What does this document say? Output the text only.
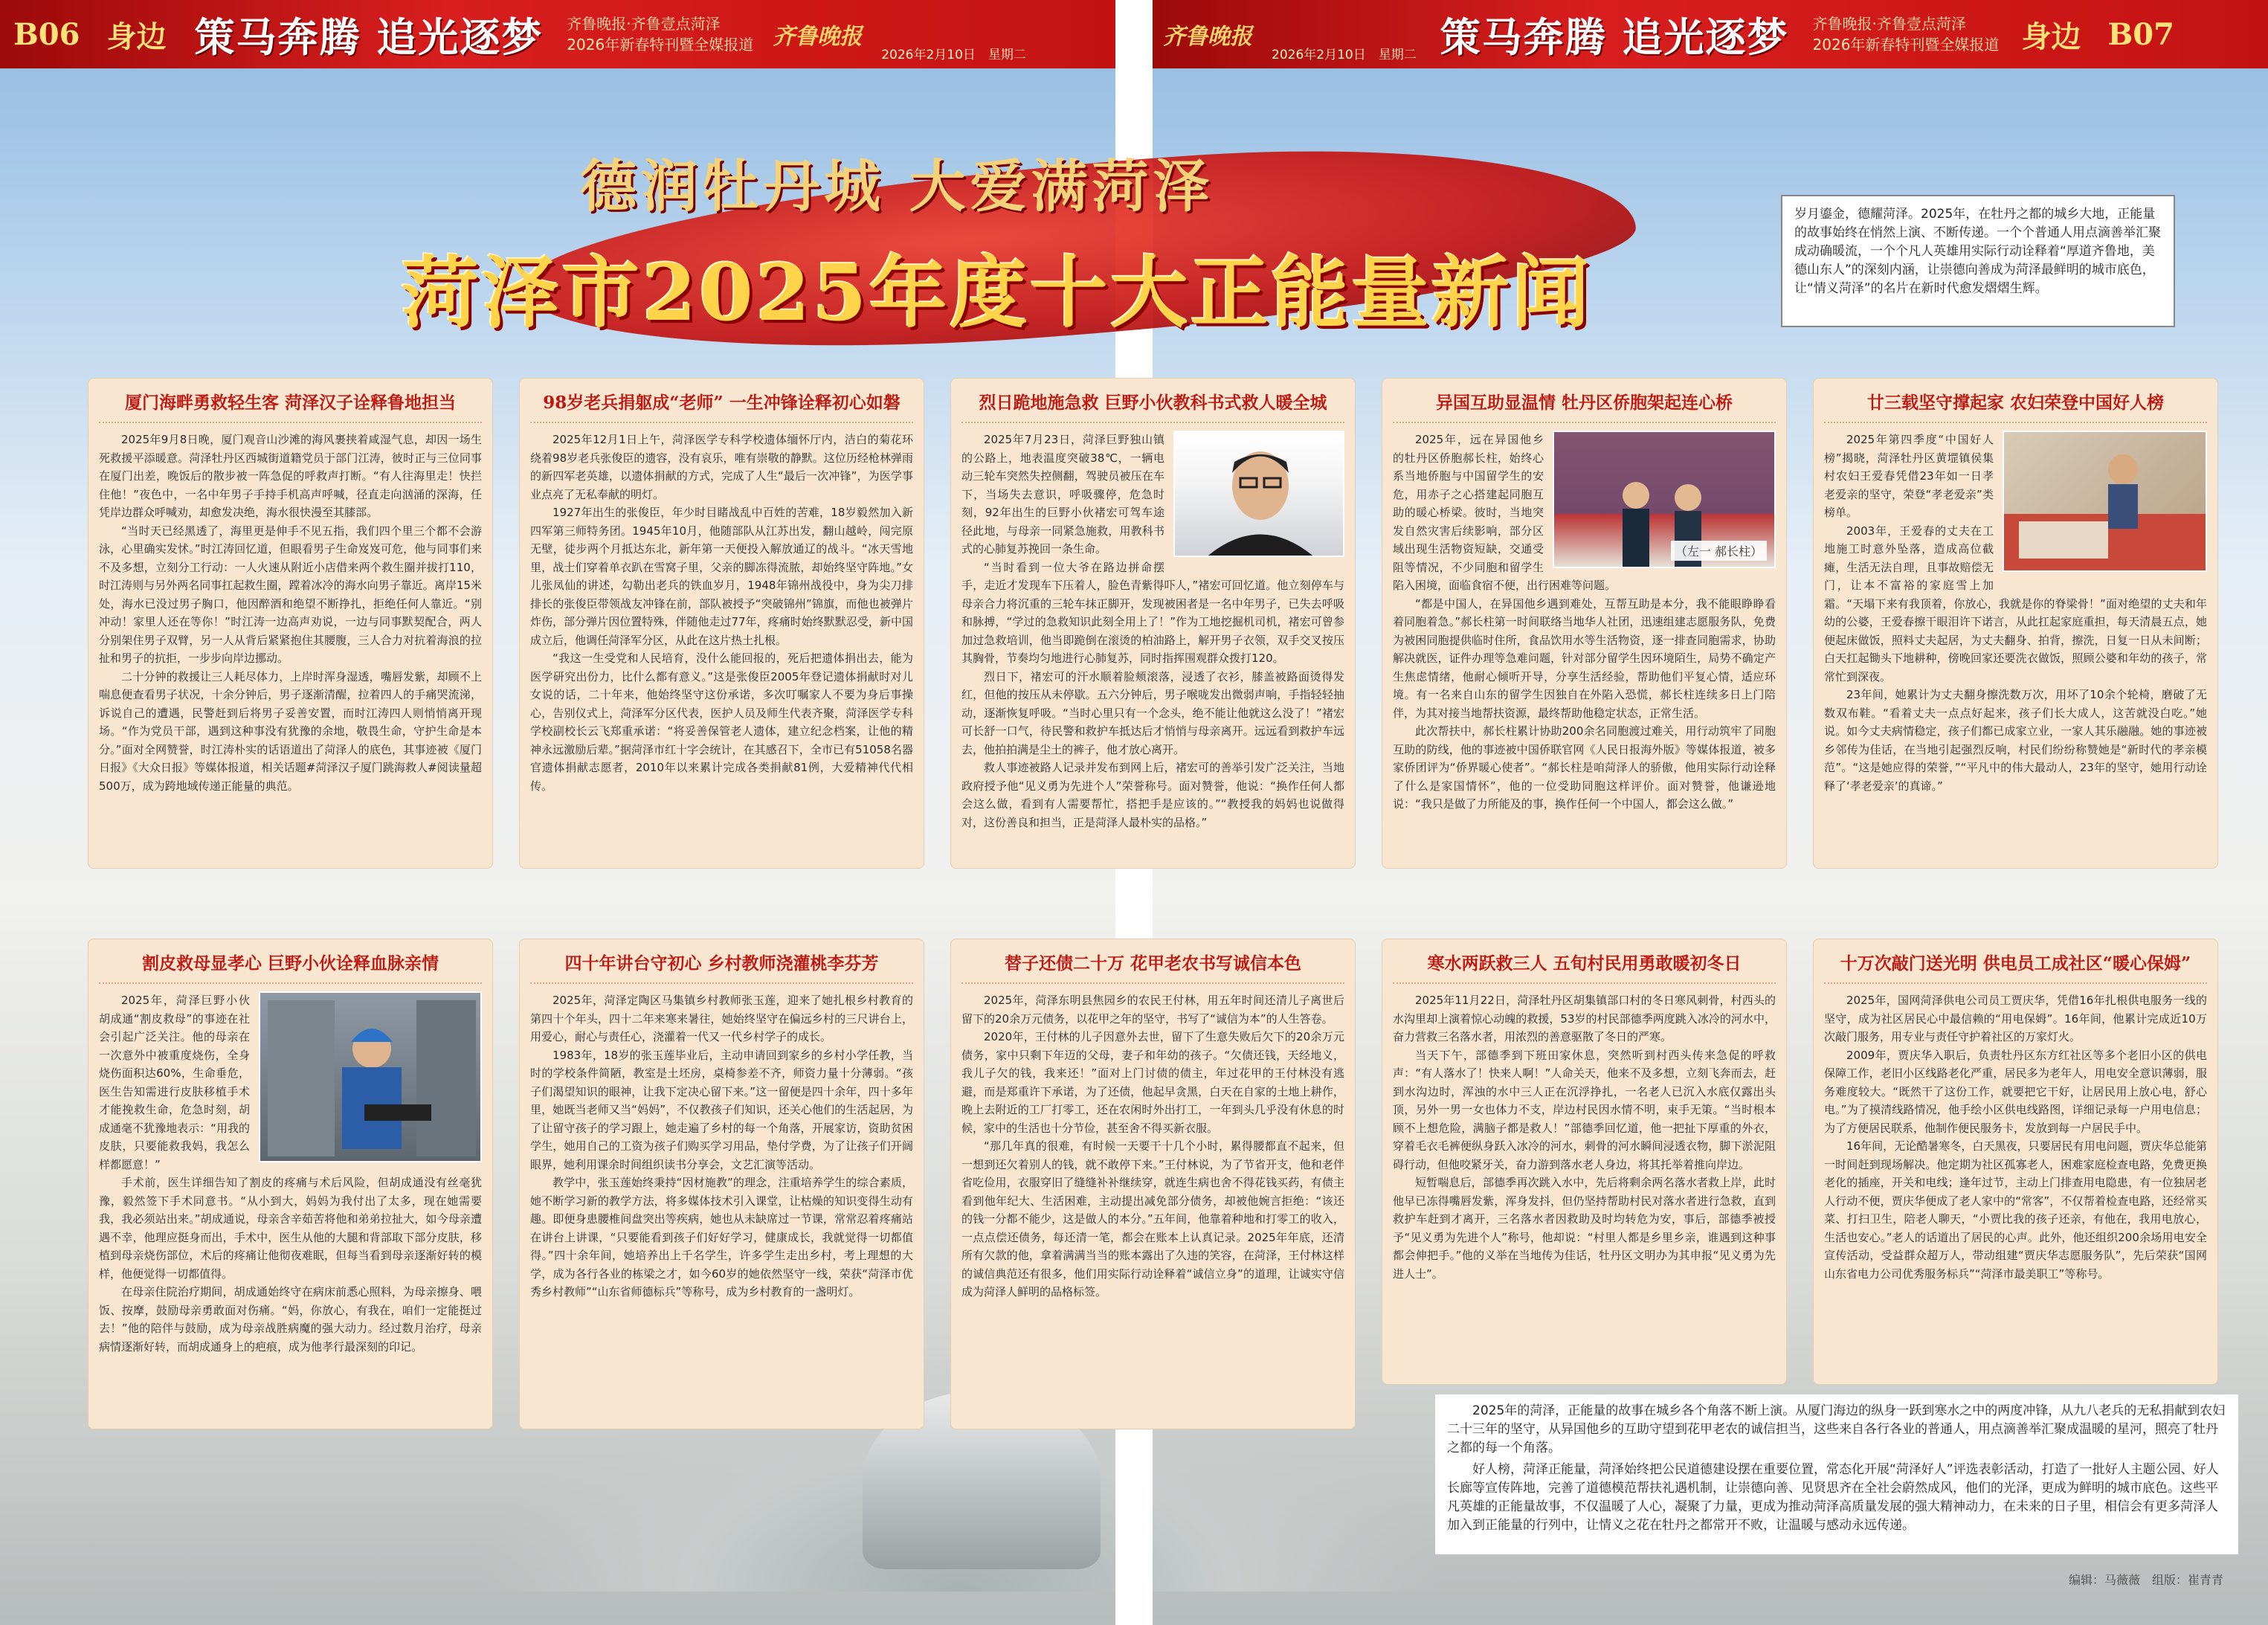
B06 身边 策马奔腾 追光逐梦	齐鲁晚报·齐鲁壹点菏泽
2026年新春特刊暨全媒报道 齐鲁晚报
2026年2月10日　星期二
齐鲁晚报
2026年2月10日　星期二 策马奔腾 追光逐梦	齐鲁晚报·齐鲁壹点菏泽
2026年新春特刊暨全媒报道 身边 B07
德润牡丹城 大爱满菏泽
菏泽市2025年度十大正能量新闻
岁月鎏金，德耀菏泽。2025年，在牡丹之都的城乡大地，正能量的故事始终在悄然上演、不断传递。一个个普通人用点滴善举汇聚成动确暖流，一个个凡人英雄用实际行动诠释着“厚道齐鲁地，美德山东人”的深刻内涵，让崇德向善成为菏泽最鲜明的城市底色，让“情义菏泽”的名片在新时代愈发熠熠生辉。
厦门海畔勇救轻生客 菏泽汉子诠释鲁地担当

2025年9月8日晚，厦门观音山沙滩的海风裹挟着咸湿气息，却因一场生死救援平添暖意。菏泽牡丹区西城街道籍党员于部门江涛，彼时正与三位同事在厦门出差，晚饭后的散步被一阵急促的呼救声打断。“有人往海里走！快拦住他！”夜色中，一名中年男子手持手机高声呼喊，径直走向汹涌的深海，任凭岸边群众呼喊劝，却愈发决绝，海水很快漫至其膝部。

“当时天已经黑透了，海里更是伸手不见五指，我们四个里三个都不会游泳，心里确实发怵。”时江涛回忆道，但眼看男子生命岌岌可危，他与同事们来不及多想，立刻分工行动：一人火速从附近小店借来两个救生圈并拔打110，时江涛则与另外两名同事扛起救生圈，蹚着冰冷的海水向男子靠近。离岸15米处，海水已没过男子胸口，他因醉酒和绝望不断挣扎，拒绝任何人靠近。“别冲动！家里人还在等你！”时江涛一边高声劝说，一边与同事默契配合，两人分别架住男子双臂，另一人从背后紧紧抱住其腰腹，三人合力对抗着海浪的拉扯和男子的抗拒，一步步向岸边挪动。

二十分钟的救援让三人耗尽体力，上岸时浑身湿透，嘴唇发紫，却顾不上喘息便查看男子状况，十余分钟后，男子逐渐清醒，拉着四人的手痛哭流涕，诉说自己的遭遇，民警赶到后将男子妥善安置，而时江涛四人则悄悄离开现场。“作为党员干部，遇到这种事没有犹豫的余地，敬畏生命，守护生命是本分。”面对全网赞誉，时江涛朴实的话语道出了菏泽人的底色，其事迹被《厦门日报》《大众日报》等媒体报道，相关话题#菏泽汉子厦门跳海救人#阅读量超500万，成为跨地域传递正能量的典范。

98岁老兵捐躯成“老师” 一生冲锋诠释初心如磐

2025年12月1日上午，菏泽医学专科学校遗体缅怀厅内，洁白的菊花环绕着98岁老兵张俊臣的遗容，没有哀乐，唯有崇敬的静默。这位历经枪林弹雨的新四军老英雄，以遗体捐献的方式，完成了人生“最后一次冲锋”，为医学事业点亮了无私奉献的明灯。

1927年出生的张俊臣，年少时目睹战乱中百姓的苦难，18岁毅然加入新四军第三师特务团。1945年10月，他随部队从江苏出发，翻山越岭，闯完原无壁，徒步两个月抵达东北，新年第一天便投入解放通辽的战斗。“冰天雪地里，战士们穿着单衣趴在雪窝子里，父亲的脚冻得流脓，却始终坚守阵地。”女儿张凤仙的讲述，勾勒出老兵的铁血岁月，1948年锦州战役中，身为尖刀排排长的张俊臣带领战友冲锋在前，部队被授予“突破锦州”锦旗，而他也被弹片炸伤，部分弹片因位置特殊，伴随他走过77年，疼痛时始终默默忍受，新中国成立后，他调任菏泽军分区，从此在这片热土扎根。

“我这一生受党和人民培育，没什么能回报的，死后把遗体捐出去，能为医学研究出份力，比什么都有意义。”这是张俊臣2005年登记遗体捐献时对儿女说的话，二十年来，他始终坚守这份承诺，多次叮嘱家人不要为身后事操心，告别仪式上，菏泽军分区代表，医护人员及师生代表齐聚，菏泽医学专科学校副校长云飞郑重承诺：“将妥善保管老人遗体，建立纪念档案，让他的精神永远激励后辈。”据菏泽市红十字会统计，在其感召下，全市已有51058名器官遗体捐献志愿者，2010年以来累计完成各类捐献81例，大爱精神代代相传。

烈日跪地施急救 巨野小伙教科书式救人暖全城

2025年7月23日，菏泽巨野独山镇的公路上，地表温度突破38℃，一辆电动三轮车突然失控侧翻，驾驶员被压在车下，当场失去意识，呼吸骤停，危急时刻，92年出生的巨野小伙褚宏可驾车途径此地，与母亲一同紧急施救，用教科书式的心肺复苏挽回一条生命。

“当时看到一位大爷在路边拼命摆手，走近才发现车下压着人，脸色青紫得吓人，”褚宏可回忆道。他立刻停车与母亲合力将沉重的三轮车抹正脚开，发现被困者是一名中年男子，已失去呼吸和脉搏，“学过的急救知识此刻全用上了！”作为工地挖掘机司机，褚宏可曾参加过急救培训，他当即跪倒在滚烫的柏油路上，解开男子衣领，双手交叉按压其胸骨，节奏均匀地进行心肺复苏，同时指挥围观群众拨打120。

烈日下，褚宏可的汗水顺着脸颊滚落，浸透了衣衫，膝盖被路面烫得发红，但他的按压从未停歇。五六分钟后，男子喉咙发出微弱声响，手指轻轻抽动，逐渐恢复呼吸。“当时心里只有一个念头，绝不能让他就这么没了！”褚宏可长舒一口气，待民警和救护车抵达后才悄悄与母亲离开。远远看到救护车远去，他拍拍满是尘土的裤子，他才放心离开。

救人事迹被路人记录并发布到网上后，褚宏可的善举引发广泛关注，当地政府授予他“见义勇为先进个人”荣誉称号。面对赞誉，他说：“换作任何人都会这么做，看到有人需要帮忙，搭把手是应该的。”“教授我的妈妈也说做得对，这份善良和担当，正是菏泽人最朴实的品格。”

异国互助显温情 牡丹区侨胞架起连心桥
（左一 郝长柱）

2025年，远在异国他乡的牡丹区侨胞郝长柱，始终心系当地侨胞与中国留学生的安危，用赤子之心搭建起同胞互助的暖心桥梁。彼时，当地突发自然灾害后续影响，部分区域出现生活物资短缺，交通受阻等情况，不少同胞和留学生陷入困境，面临食宿不便，出行困难等问题。

“都是中国人，在异国他乡遇到难处，互帮互助是本分，我不能眼睁睁看着同胞着急。”郝长柱第一时间联络当地华人社团，迅速组建志愿服务队，免费为被困同胞提供临时住所，食品饮用水等生活物资，逐一排查同胞需求，协助解决就医，证件办理等急难问题，针对部分留学生因环境陌生，局势不确定产生焦虑情绪，他耐心倾听开导，分享生活经验，帮助他们平复心情，适应环境。有一名来自山东的留学生因独自在外陷入恐慌，郝长柱连续多日上门陪伴，为其对接当地帮扶资源，最终帮助他稳定状态，正常生活。

此次帮扶中，郝长柱累计协助200余名同胞渡过难关，用行动筑牢了同胞互助的防线，他的事迹被中国侨联官网《人民日报海外版》等媒体报道，被多家侨团评为“侨界暖心使者”。“郝长柱是咱菏泽人的骄傲，他用实际行动诠释了什么是家国情怀”，他的一位受助同胞这样评价。面对赞誉，他谦逊地说：“我只是做了力所能及的事，换作任何一个中国人，都会这么做。”

廿三载坚守撑起家 农妇荣登中国好人榜

2025年第四季度“中国好人榜”揭晓，菏泽牡丹区黄堽镇侯集村农妇王爱春凭借23年如一日孝老爱亲的坚守，荣登“孝老爱亲”类榜单。

2003年，王爱春的丈夫在工地施工时意外坠落，造成高位截瘫，生活无法自理，且事故赔偿无门，让本不富裕的家庭雪上加霜。“天塌下来有我顶着，你放心，我就是你的脊梁骨！”面对绝望的丈夫和年幼的公婆，王爱春擦干眼泪许下诺言，从此扛起家庭重担，每天清晨五点，她便起床做饭，照料丈夫起居，为丈夫翻身、拍背，擦洗，日复一日从未间断；白天扛起锄头下地耕种，傍晚回家还要洗衣做饭，照顾公婆和年幼的孩子，常常忙到深夜。

23年间，她累计为丈夫翻身擦洗数万次，用坏了10余个轮椅，磨破了无数双布鞋。“看着丈夫一点点好起来，孩子们长大成人，这苦就没白吃。”她说。如今丈夫病情稳定，孩子们都已成家立业，一家人其乐融融。她的事迹被乡邻传为佳话，在当地引起强烈反响，村民们纷纷称赞她是“新时代的孝亲模范”。“这是她应得的荣誉，”“平凡中的伟大最动人，23年的坚守，她用行动诠释了‘孝老爱亲’的真谛。”

割皮救母显孝心 巨野小伙诠释血脉亲情

2025年，菏泽巨野小伙胡成通“割皮救母”的事迹在社会引起广泛关注。他的母亲在一次意外中被重度烧伤，全身烧伤面积达60%，生命垂危，医生告知需进行皮肤移植手术才能挽救生命，危急时刻，胡成通毫不犹豫地表示：“用我的皮肤，只要能救我妈，我怎么样都愿意！”

手术前，医生详细告知了割皮的疼痛与术后风险，但胡成通没有丝毫犹豫，毅然签下手术同意书。“从小到大，妈妈为我付出了太多，现在她需要我，我必须站出来。”胡成通说，母亲含辛茹苦将他和弟弟拉扯大，如今母亲遭遇不幸，他理应挺身而出，手术中，医生从他的大腿和背部取下部分皮肤，移植到母亲烧伤部位，术后的疼痛让他彻夜难眠，但每当看到母亲逐渐好转的模样，他便觉得一切都值得。

在母亲住院治疗期间，胡成通始终守在病床前悉心照料，为母亲擦身、喂饭、按摩，鼓励母亲勇敢面对伤痛。“妈，你放心，有我在，咱们一定能挺过去！”他的陪伴与鼓励，成为母亲战胜病魔的强大动力。经过数月治疗，母亲病情逐渐好转，而胡成通身上的疤痕，成为他孝行最深刻的印记。

四十年讲台守初心 乡村教师浇灌桃李芬芳

2025年，菏泽定陶区马集镇乡村教师张玉莲，迎来了她扎根乡村教育的第四十个年头，四十二年来寒来暑往，她始终坚守在偏远乡村的三尺讲台上，用爱心，耐心与责任心，浇灌着一代又一代乡村学子的成长。

1983年，18岁的张玉莲毕业后，主动申请回到家乡的乡村小学任教，当时的学校条件简陋，教室是土坯房，桌椅参差不齐，师资力量十分薄弱。“孩子们渴望知识的眼神，让我下定决心留下来。”这一留便是四十余年，四十多年里，她既当老师又当“妈妈”，不仅教孩子们知识，还关心他们的生活起居，为了让留守孩子的学习跟上，她走遍了乡村的每一个角落，开展家访，资助贫困学生，她用自己的工资为孩子们购买学习用品，垫付学费，为了让孩子们开阔眼界，她利用课余时间组织读书分享会，文艺汇演等活动。

教学中，张玉莲始终秉持“因材施教”的理念，注重培养学生的综合素质，她不断学习新的教学方法，将多媒体技术引入课堂，让枯燥的知识变得生动有趣。即便身患腰椎间盘突出等疾病，她也从未缺席过一节课，常常忍着疼痛站在讲台上讲课，“只要能看到孩子们好好学习，健康成长，我就觉得一切都值得。”四十余年间，她培养出上千名学生，许多学生走出乡村，考上理想的大学，成为各行各业的栋梁之才，如今60岁的她依然坚守一线，荣获“菏泽市优秀乡村教师”“山东省师德标兵”等称号，成为乡村教育的一盏明灯。

替子还债二十万 花甲老农书写诚信本色

2025年，菏泽东明县焦园乡的农民王付林，用五年时间还清儿子离世后留下的20余万元债务，以花甲之年的坚守，书写了“诚信为本”的人生答卷。

2020年，王付林的儿子因意外去世，留下了生意失败后欠下的20余万元债务，家中只剩下年迈的父母，妻子和年幼的孩子。“欠债还钱，天经地义，我儿子欠的钱，我来还！”面对上门讨债的债主，年过花甲的王付林没有逃避，而是郑重许下承诺，为了还债，他起早贪黑，白天在自家的土地上耕作，晚上去附近的工厂打零工，还在农闲时外出打工，一年到头几乎没有休息的时候，家中的生活也十分节俭，甚至舍不得买新衣服。

“那几年真的很难，有时候一天要干十几个小时，累得腰都直不起来，但一想到还欠着别人的钱，就不敢停下来。”王付林说，为了节省开支，他和老伴省吃俭用，衣服穿旧了缝缝补补继续穿，就连生病也舍不得花钱买药，有债主看到他年纪大、生活困难，主动提出减免部分债务，却被他婉言拒绝：“该还的钱一分都不能少，这是做人的本分。”五年间，他靠着种地和打零工的收入，一点点偿还债务，每还清一笔，都会在账本上认真记录。2025年年底，还清所有欠款的他，拿着满满当当的账本露出了久违的笑容，在菏泽，王付林这样的诚信典范还有很多，他们用实际行动诠释着“诚信立身”的道理，让诚实守信成为菏泽人鲜明的品格标签。

寒水两跃救三人 五旬村民用勇敢暖初冬日

2025年11月22日，菏泽牡丹区胡集镇部口村的冬日寒风刺骨，村西头的水沟里却上演着惊心动魄的救援，53岁的村民部德季两度跳入冰冷的河水中，奋力营救三名落水者，用浓烈的善意驱散了冬日的严寒。

当天下午，部德季到下班田家休息，突然听到村西头传来急促的呼救声：“有人落水了！快来人啊！”人命关天，他来不及多想，立刻飞奔而去，赶到水沟边时，浑浊的水中三人正在沉浮挣扎，一名老人已沉入水底仅露出头顶，另外一男一女也体力不支，岸边村民因水情不明，束手无策。“当时根本顾不上想危险，满脑子都是救人！”部德季回忆道，他一把扯下厚重的外衣，穿着毛衣毛裤便纵身跃入冰冷的河水，刺骨的河水瞬间浸透衣物，脚下淤泥阻碍行动，但他咬紧牙关，奋力游到落水老人身边，将其托举着推向岸边。

短暂喘息后，部德季再次跳入水中，先后将剩余两名落水者救上岸，此时他早已冻得嘴唇发紫，浑身发抖，但仍坚持帮助村民对落水者进行急救，直到救护车赶到才离开，三名落水者因救助及时均转危为安，事后，部德季被授予“见义勇为先进个人”称号，他却说：“村里人都是乡里乡亲，谁遇到这种事都会伸把手。”他的义举在当地传为佳话，牡丹区文明办为其申报“见义勇为先进人士”。

十万次敲门送光明 供电员工成社区“暖心保姆”

2025年，国网菏泽供电公司员工贾庆华，凭借16年扎根供电服务一线的坚守，成为社区居民心中最信赖的“用电保姆”。16年间，他累计完成近10万次敲门服务，用专业与责任守护着社区的万家灯火。

2009年，贾庆华入职后，负责牡丹区东方红社区等多个老旧小区的供电保障工作，老旧小区线路老化严重，居民多为老年人，用电安全意识薄弱，服务难度较大。“既然干了这份工作，就要把它干好，让居民用上放心电，舒心电。”为了摸清线路情况，他手绘小区供电线路图，详细记录每一户用电信息；为了方便居民联系，他制作便民服务卡，发放到每一户居民手中。

16年间，无论酷暑寒冬，白天黑夜，只要居民有用电问题，贾庆华总能第一时间赶到现场解决。他定期为社区孤寡老人，困难家庭检查电路，免费更换老化的插座，开关和电线；逢年过节，主动上门排查用电隐患，有一位独居老人行动不便，贾庆华便成了老人家中的“常客”，不仅帮着检查电路，还经常买菜、打扫卫生，陪老人聊天，“小贾比我的孩子还亲，有他在，我用电放心，生活也安心。”老人的话道出了居民的心声。此外，他还组织200余场用电安全宣传活动，受益群众超万人，带动组建“贾庆华志愿服务队”，先后荣获“国网山东省电力公司优秀服务标兵”“菏泽市最美职工”等称号。

2025年的菏泽，正能量的故事在城乡各个角落不断上演。从厦门海边的纵身一跃到寒水之中的两度冲锋，从九八老兵的无私捐献到农妇二十三年的坚守，从异国他乡的互助守望到花甲老农的诚信担当，这些来自各行各业的普通人，用点滴善举汇聚成温暖的星河，照亮了牡丹之都的每一个角落。

好人榜，菏泽正能量，菏泽始终把公民道德建设摆在重要位置，常态化开展“菏泽好人”评选表彰活动，打造了一批好人主题公园、好人长廊等宣传阵地，完善了道德模范帮扶礼遇机制，让崇德向善、见贤思齐在全社会蔚然成风，他们的光泽，更成为鲜明的城市底色。这些平凡英雄的正能量故事，不仅温暖了人心，凝聚了力量，更成为推动菏泽高质量发展的强大精神动力，在未来的日子里，相信会有更多菏泽人加入到正能量的行列中，让情义之花在牡丹之都常开不败，让温暖与感动永远传递。

编辑：马薇薇　组版：崔青青
